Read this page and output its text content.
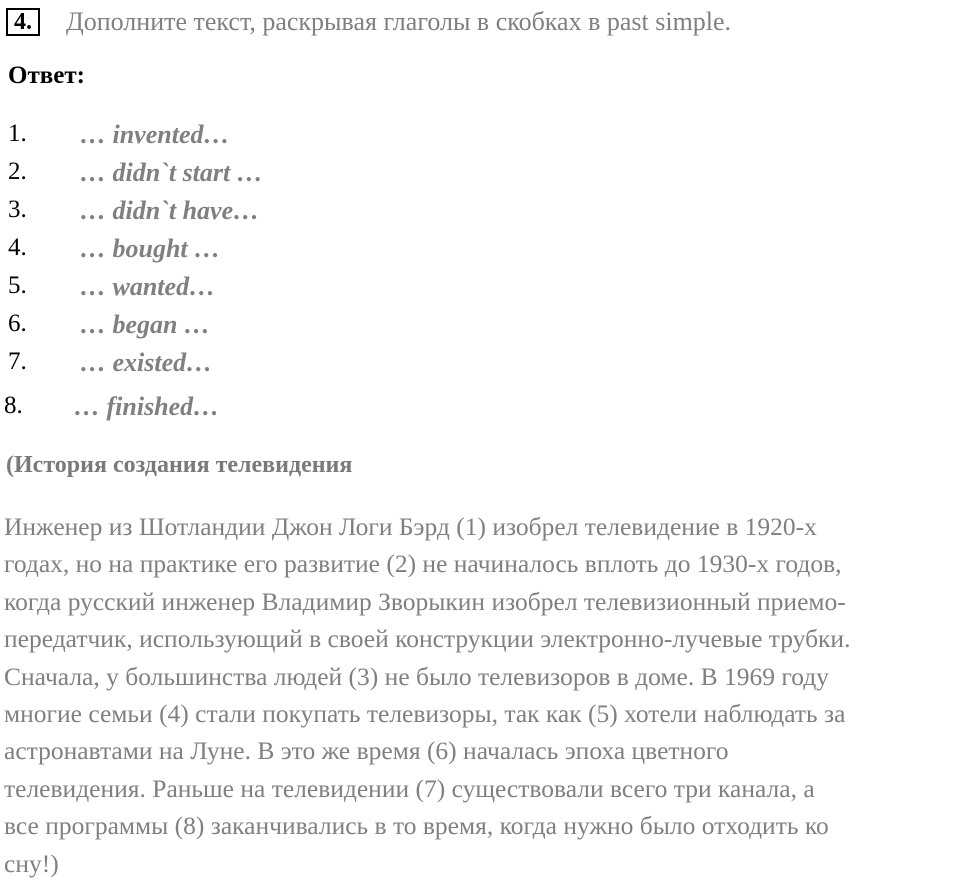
4.	Дополните текст, раскрывая глаголы в скобках в past simple.
Ответ:
1. … invented…
2. … didn`t start …
3. … didn`t have…
4. … bought …
5. … wanted…
6. … began …
7. … existed…
8. … finished…
(История создания телевидения
Инженер из Шотландии Джон Логи Бэрд (1) изобрел телевидение в 1920-х
годах, но на практике его развитие (2) не начиналось вплоть до 1930-х годов,
когда русский инженер Владимир Зворыкин изобрел телевизионный приемо-
передатчик, использующий в своей конструкции электронно-лучевые трубки.
Сначала, у большинства людей (3) не было телевизоров в доме. В 1969 году
многие семьи (4) стали покупать телевизоры, так как (5) хотели наблюдать за
астронавтами на Луне. В это же время (6) началась эпоха цветного
телевидения. Раньше на телевидении (7) существовали всего три канала, а
все программы (8) заканчивались в то время, когда нужно было отходить ко
сну!)
